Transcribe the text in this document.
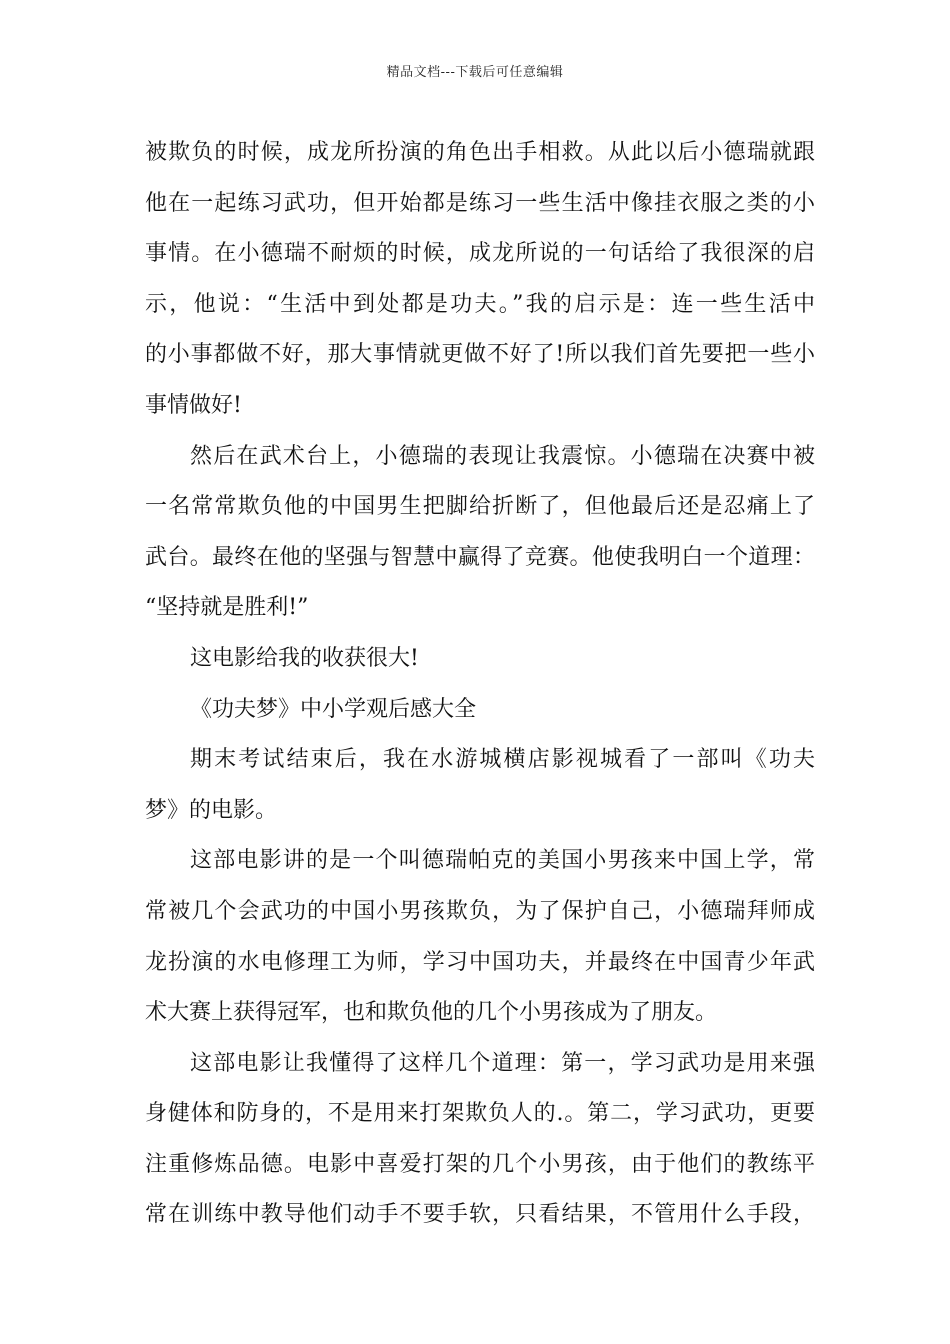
精品文档---下载后可任意编辑
被欺负的时候，成龙所扮演的角色出手相救。从此以后小德瑞就跟
他在一起练习武功，但开始都是练习一些生活中像挂衣服之类的小
事情。在小德瑞不耐烦的时候，成龙所说的一句话给了我很深的启
示，他说：“生活中到处都是功夫。”我的启示是：连一些生活中
的小事都做不好，那大事情就更做不好了!所以我们首先要把一些小
事情做好!
然后在武术台上，小德瑞的表现让我震惊。小德瑞在决赛中被
一名常常欺负他的中国男生把脚给折断了，但他最后还是忍痛上了
武台。最终在他的坚强与智慧中赢得了竞赛。他使我明白一个道理：
“坚持就是胜利!”
这电影给我的收获很大!
《功夫梦》中小学观后感大全
期末考试结束后，我在水游城横店影视城看了一部叫《功夫
梦》的电影。
这部电影讲的是一个叫德瑞帕克的美国小男孩来中国上学，常
常被几个会武功的中国小男孩欺负，为了保护自己，小德瑞拜师成
龙扮演的水电修理工为师，学习中国功夫，并最终在中国青少年武
术大赛上获得冠军，也和欺负他的几个小男孩成为了朋友。
这部电影让我懂得了这样几个道理：第一，学习武功是用来强
身健体和防身的，不是用来打架欺负人的.。第二，学习武功，更要
注重修炼品德。电影中喜爱打架的几个小男孩，由于他们的教练平
常在训练中教导他们动手不要手软，只看结果，不管用什么手段，
